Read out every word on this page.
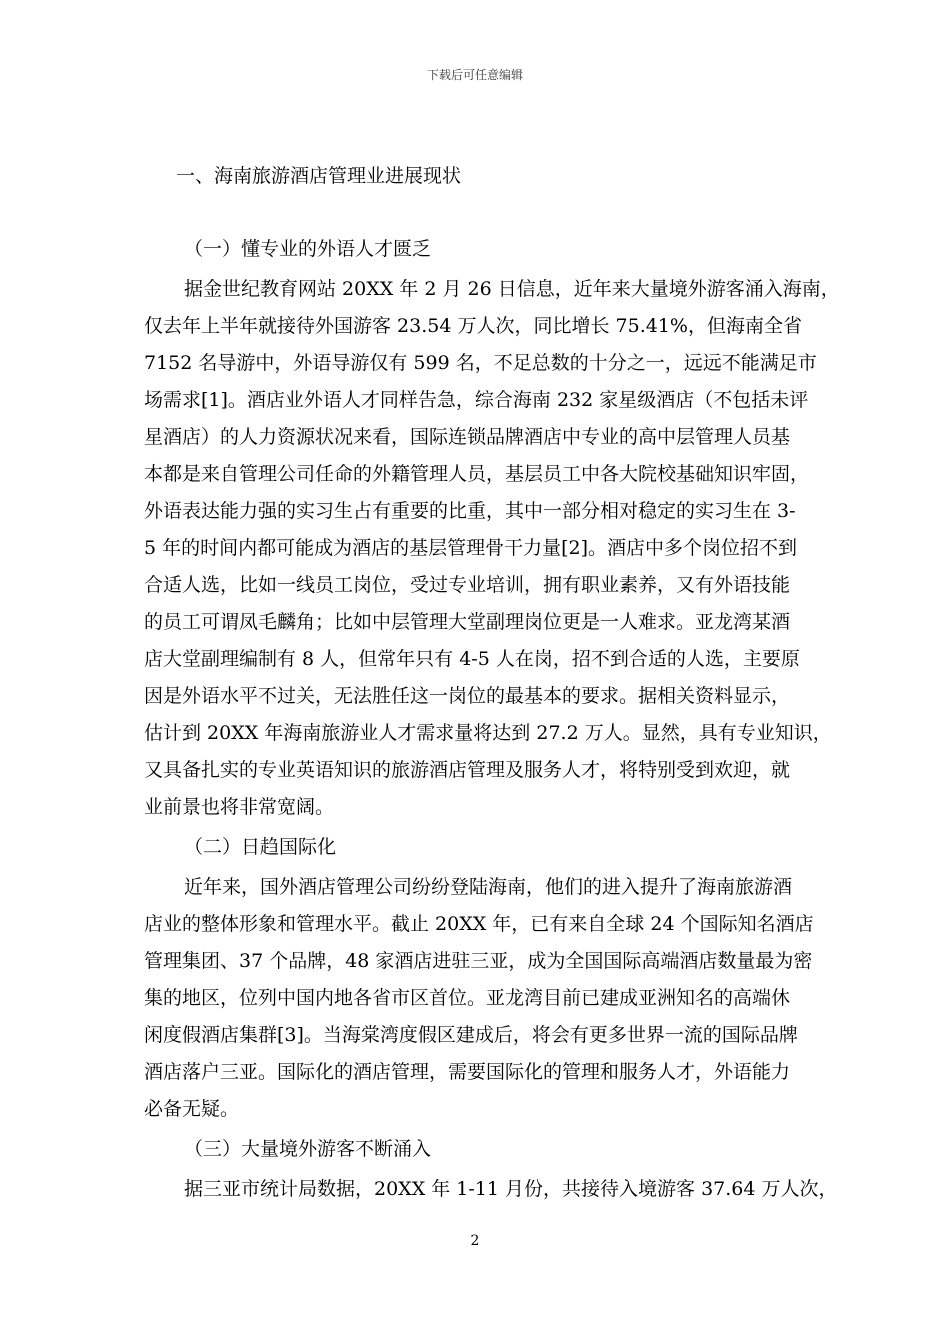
下载后可任意编辑
一、海南旅游酒店管理业进展现状
（一）懂专业的外语人才匮乏
据金世纪教育网站 20XX 年 2 月 26 日信息，近年来大量境外游客涌入海南，
仅去年上半年就接待外国游客 23.54 万人次，同比增长 75.41%，但海南全省
7152 名导游中，外语导游仅有 599 名，不足总数的十分之一，远远不能满足市
场需求[1]。酒店业外语人才同样告急，综合海南 232 家星级酒店（不包括未评
星酒店）的人力资源状况来看，国际连锁品牌酒店中专业的高中层管理人员基
本都是来自管理公司任命的外籍管理人员，基层员工中各大院校基础知识牢固，
外语表达能力强的实习生占有重要的比重，其中一部分相对稳定的实习生在 3-
5 年的时间内都可能成为酒店的基层管理骨干力量[2]。酒店中多个岗位招不到
合适人选，比如一线员工岗位，受过专业培训，拥有职业素养，又有外语技能
的员工可谓凤毛麟角；比如中层管理大堂副理岗位更是一人难求。亚龙湾某酒
店大堂副理编制有 8 人，但常年只有 4-5 人在岗，招不到合适的人选，主要原
因是外语水平不过关，无法胜任这一岗位的最基本的要求。据相关资料显示，
估计到 20XX 年海南旅游业人才需求量将达到 27.2 万人。显然，具有专业知识，
又具备扎实的专业英语知识的旅游酒店管理及服务人才，将特别受到欢迎，就
业前景也将非常宽阔。
（二）日趋国际化
近年来，国外酒店管理公司纷纷登陆海南，他们的进入提升了海南旅游酒
店业的整体形象和管理水平。截止 20XX 年，已有来自全球 24 个国际知名酒店
管理集团、37 个品牌，48 家酒店进驻三亚，成为全国国际高端酒店数量最为密
集的地区，位列中国内地各省市区首位。亚龙湾目前已建成亚洲知名的高端休
闲度假酒店集群[3]。当海棠湾度假区建成后，将会有更多世界一流的国际品牌
酒店落户三亚。国际化的酒店管理，需要国际化的管理和服务人才，外语能力
必备无疑。
（三）大量境外游客不断涌入
据三亚市统计局数据，20XX 年 1-11 月份，共接待入境游客 37.64 万人次，
2
